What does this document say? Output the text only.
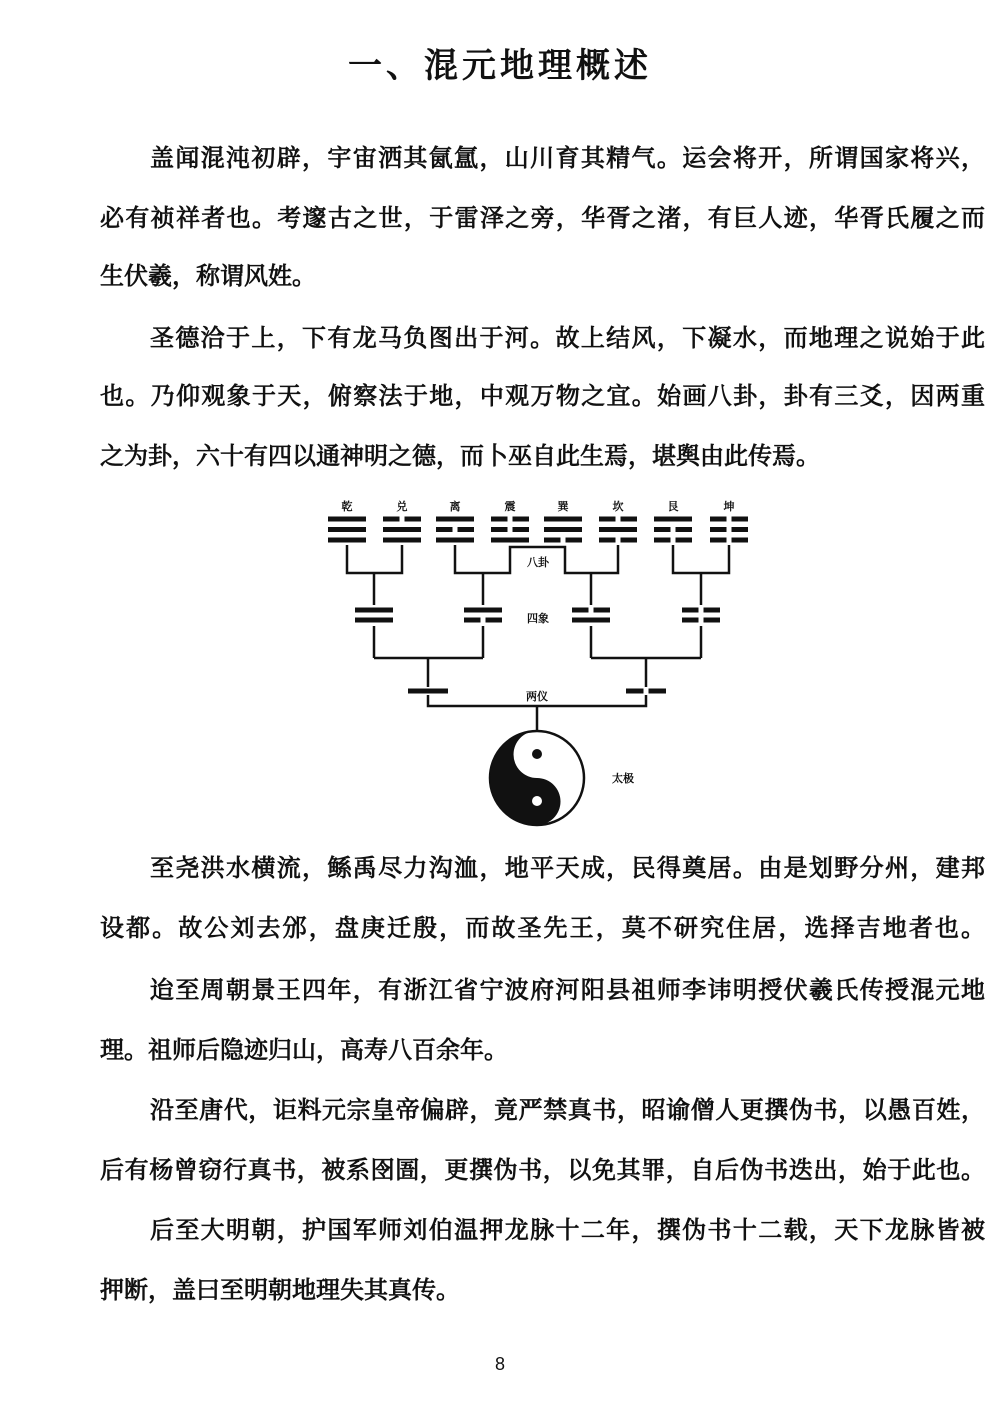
一、混元地理概述
盖闻混沌初辟，宇宙洒其氤氲，山川育其精气。运会将开，所谓国家将兴，
必有祯祥者也。考邃古之世，于雷泽之旁，华胥之渚，有巨人迹，华胥氏履之而
生伏羲，称谓风姓。
圣德洽于上，下有龙马负图出于河。故上结风，下凝水，而地理之说始于此
也。乃仰观象于天，俯察法于地，中观万物之宜。始画八卦，卦有三爻，因两重
之为卦，六十有四以通神明之德，而卜巫自此生焉，堪舆由此传焉。
八卦
四象
两仪
太极
乾	兑	离	震	巽	坎	艮	坤
至尧洪水横流，鲧禹尽力沟洫，地平天成，民得奠居。由是划野分州，建邦
设都。故公刘去邠，盘庚迁殷，而故圣先王，莫不研究住居，选择吉地者也。
迨至周朝景王四年，有浙江省宁波府河阳县祖师李讳明授伏羲氏传授混元地
理。祖师后隐迹归山，高寿八百余年。
沿至唐代，讵料元宗皇帝偏辟，竟严禁真书，昭谕僧人更撰伪书，以愚百姓，
后有杨曾窃行真书，被系囹圄，更撰伪书，以免其罪，自后伪书迭出，始于此也。
后至大明朝，护国军师刘伯温押龙脉十二年，撰伪书十二载，天下龙脉皆被
押断，盖曰至明朝地理失其真传。
8
